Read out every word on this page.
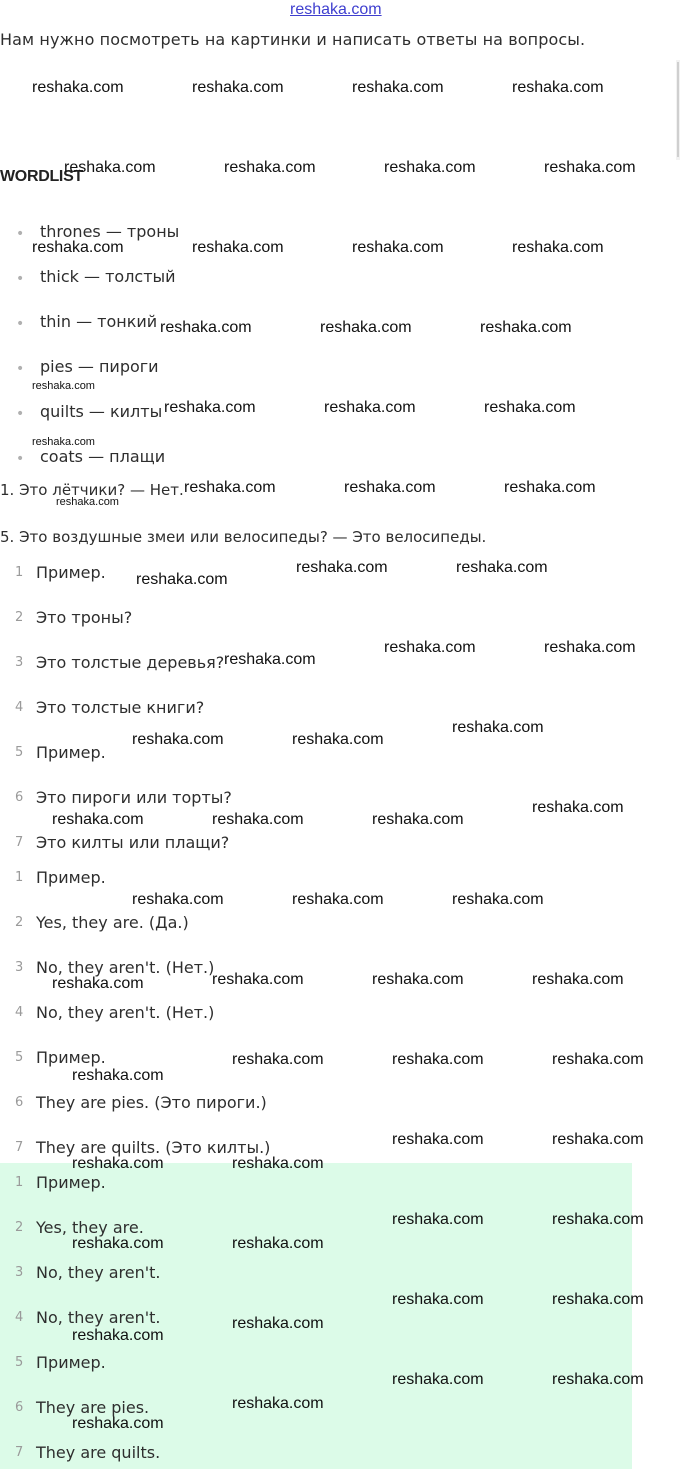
reshaka.com
Нам нужно посмотреть на картинки и написать ответы на вопросы.
WORDLIST
• thrones — троны
• thick — толстый
• thin — тонкий
• pies — пироги
• quilts — килты
• coats — плащи
1. Это лётчики? — Нет.
5. Это воздушные змеи или велосипеды? — Это велосипеды.
1 Пример.
2 Это троны?
3 Это толстые деревья?
4 Это толстые книги?
5 Пример.
6 Это пироги или торты?
7 Это килты или плащи?
1 Пример.
2 Yes, they are. (Да.)
3 No, they aren't. (Нет.)
4 No, they aren't. (Нет.)
5 Пример.
6 They are pies. (Это пироги.)
7 They are quilts. (Это килты.)
1 Пример.
2 Yes, they are.
3 No, they aren't.
4 No, they aren't.
5 Пример.
6 They are pies.
7 They are quilts.
reshaka.com	reshaka.com	reshaka.com	reshaka.com
reshaka.com	reshaka.com	reshaka.com	reshaka.com
reshaka.com	reshaka.com	reshaka.com	reshaka.com
reshaka.com	reshaka.com	reshaka.com
reshaka.com	reshaka.com	reshaka.com
reshaka.com	reshaka.com	reshaka.com
reshaka.com	reshaka.com
reshaka.com
reshaka.com	reshaka.com
reshaka.com
reshaka.com
reshaka.com	reshaka.com
reshaka.com
reshaka.com	reshaka.com	reshaka.com
reshaka.com	reshaka.com	reshaka.com
reshaka.com	reshaka.com	reshaka.com
reshaka.com
reshaka.com	reshaka.com	reshaka.com
reshaka.com
reshaka.com	reshaka.com
reshaka.com	reshaka.com
reshaka.com	reshaka.com
reshaka.com	reshaka.com
reshaka.com	reshaka.com
reshaka.com
reshaka.com
reshaka.com	reshaka.com
reshaka.com
reshaka.com
reshaka.com
reshaka.com
reshaka.com
